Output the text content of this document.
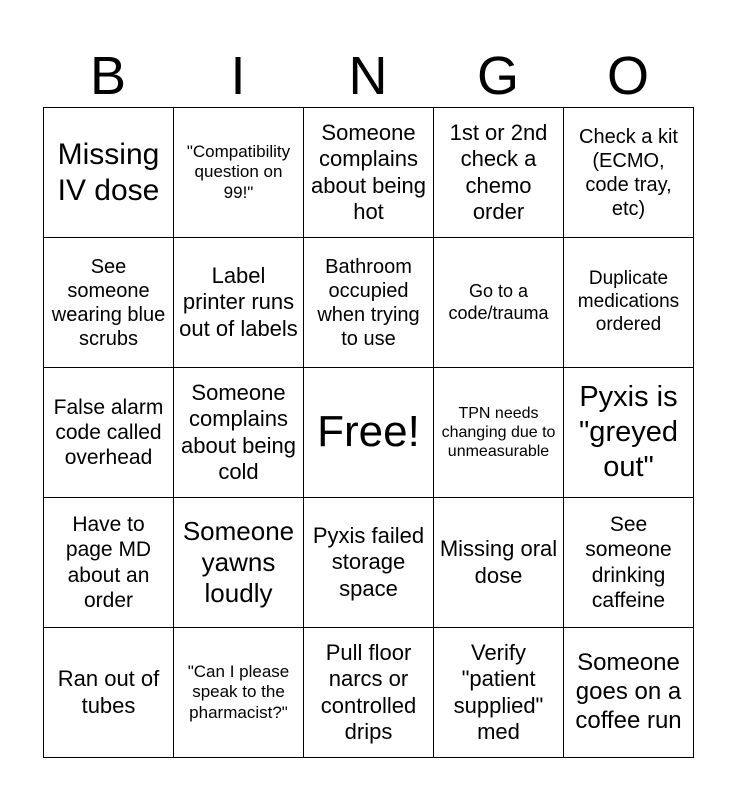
B	I	N	G	O
Missing IV dose	"Compatibility question on 99!"	Someone complains about being hot	1st or 2nd check a chemo order	Check a kit (ECMO, code tray, etc)
See someone wearing blue scrubs	Label printer runs out of labels	Bathroom occupied when trying to use	Go to a code/trauma	Duplicate medications ordered
False alarm code called overhead	Someone complains about being cold	Free!	TPN needs changing due to unmeasurable	Pyxis is "greyed out"
Have to page MD about an order	Someone yawns loudly	Pyxis failed storage space	Missing oral dose	See someone drinking caffeine
Ran out of tubes	"Can I please speak to the pharmacist?"	Pull floor narcs or controlled drips	Verify "patient supplied" med	Someone goes on a coffee run
